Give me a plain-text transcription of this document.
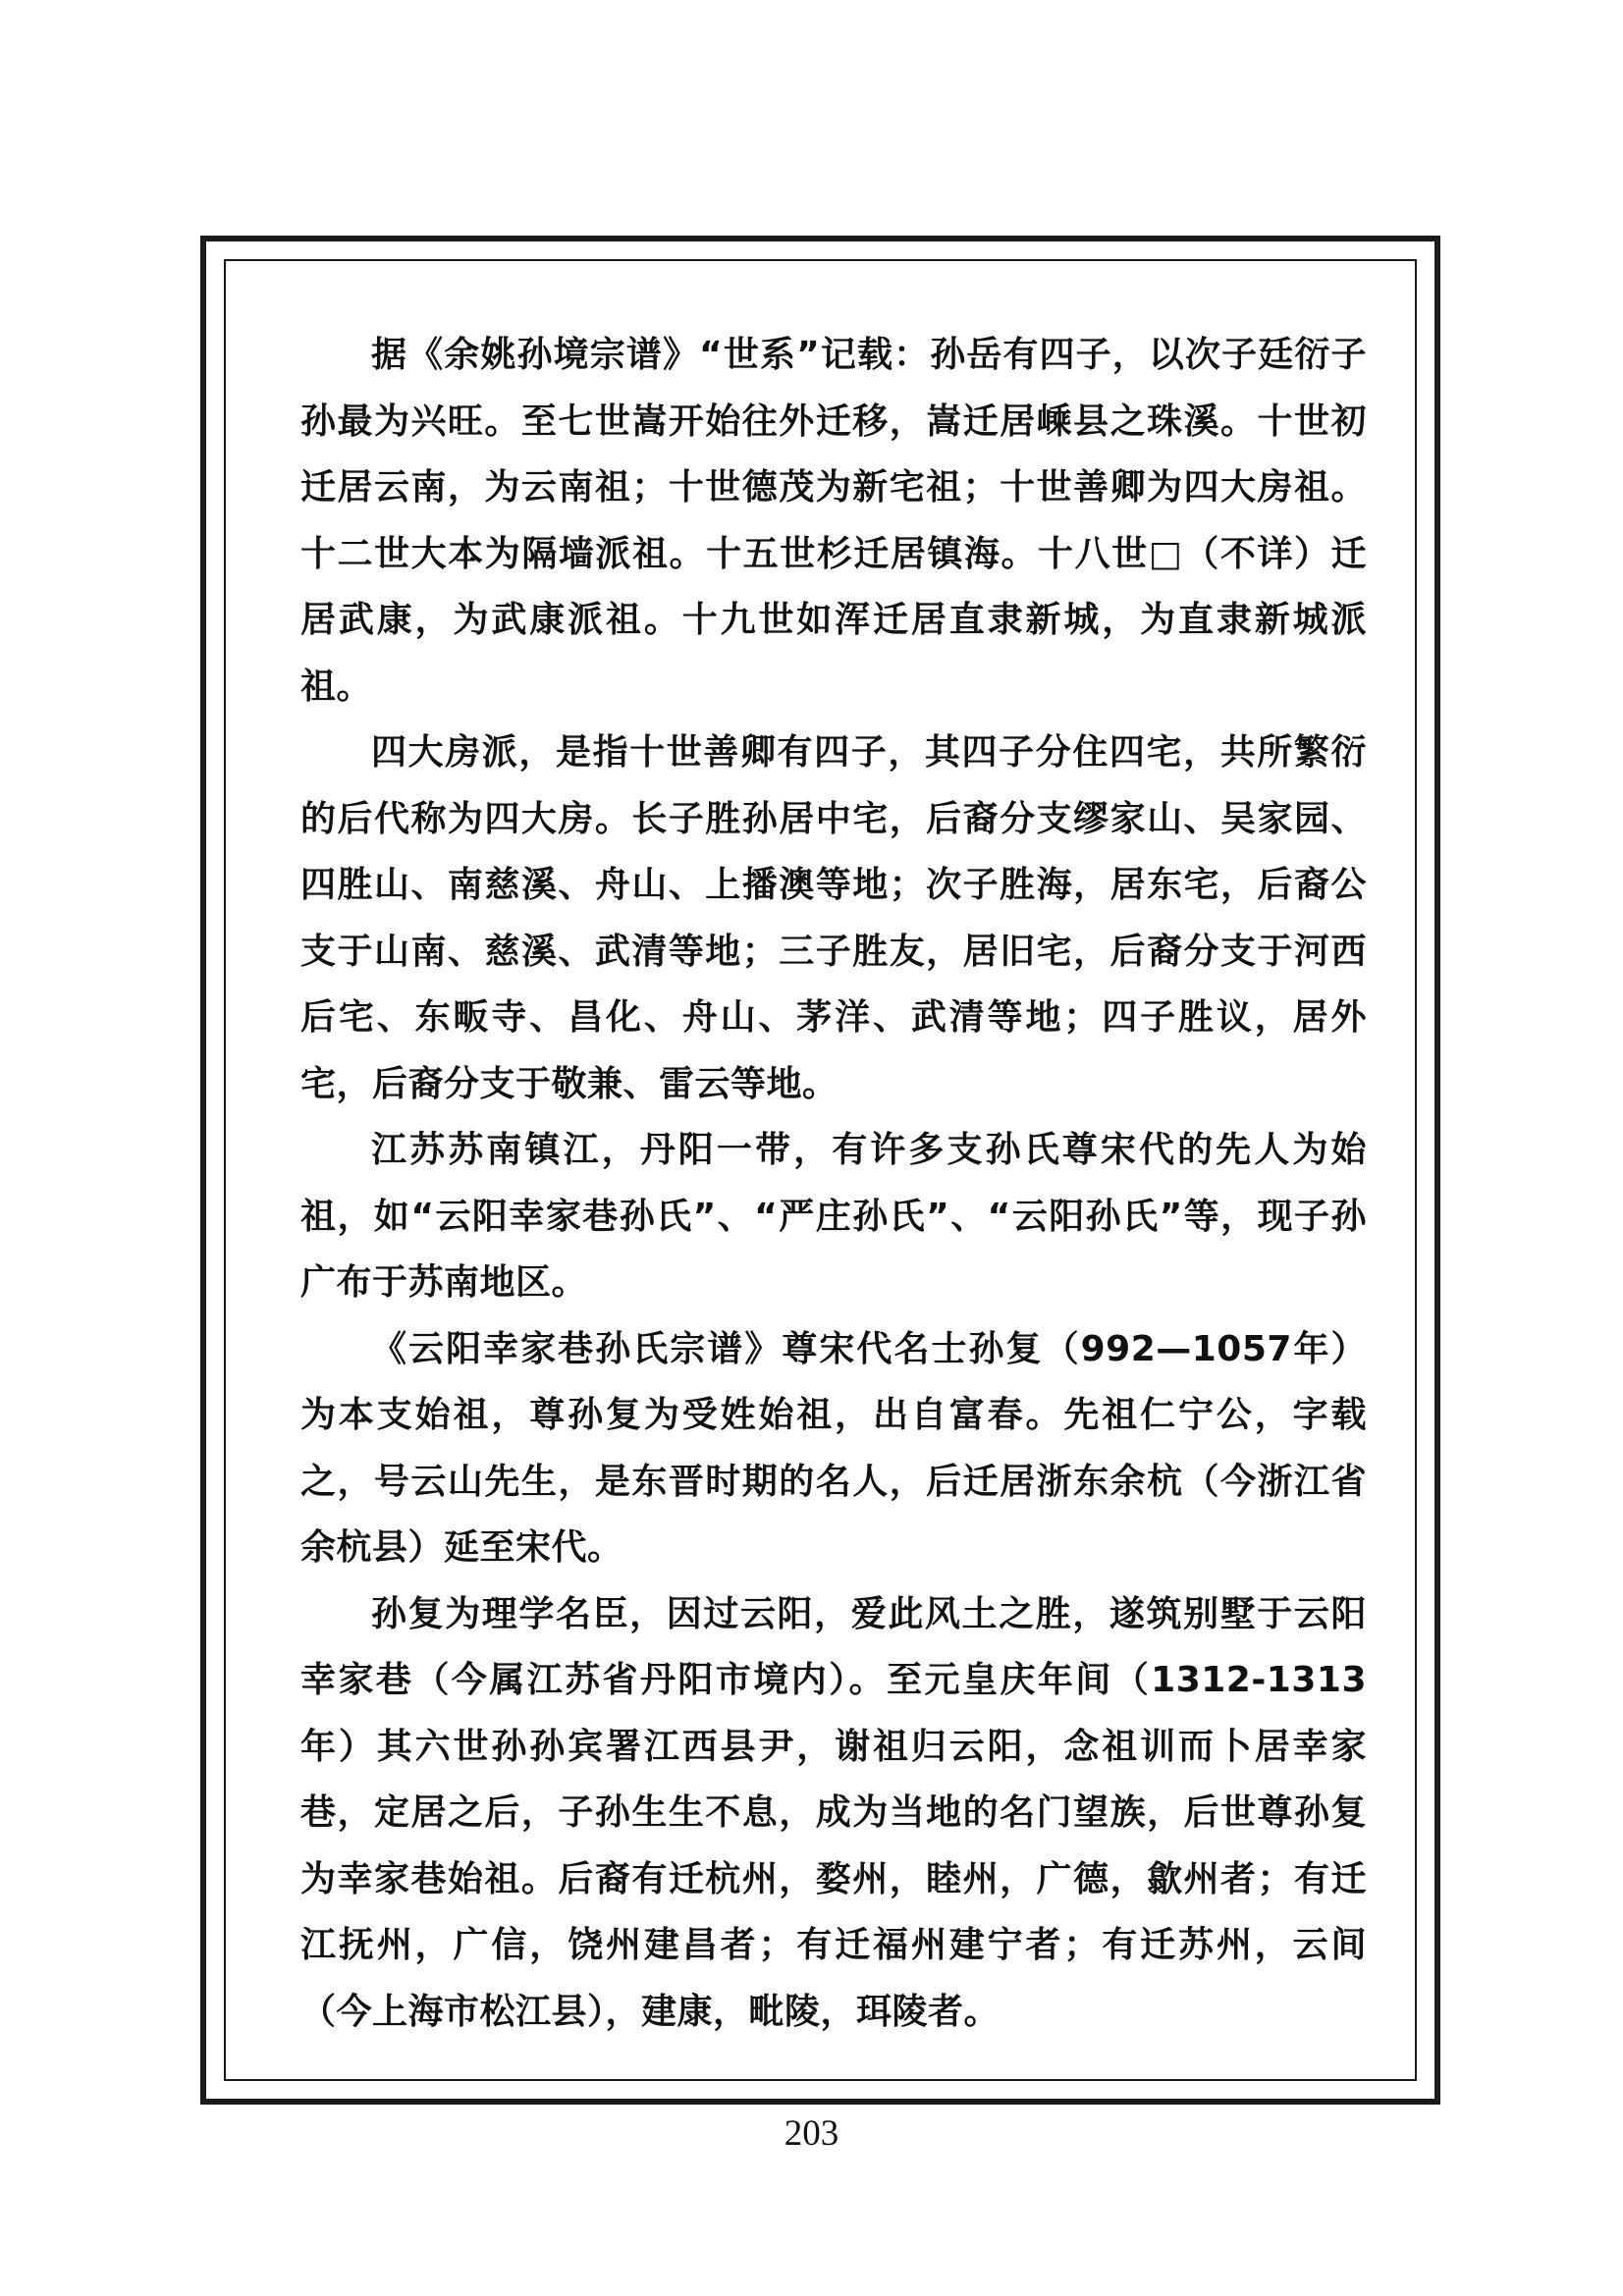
据《余姚孙境宗谱》“世系”记载：孙岳有四子，以次子廷衍子孙最为兴旺。至七世嵩开始往外迁移，嵩迁居嵊县之珠溪。十世初迁居云南，为云南祖；十世德茂为新宅祖；十世善卿为四大房祖。十二世大本为隔墙派祖。十五世杉迁居镇海。十八世□（不详）迁居武康，为武康派祖。十九世如浑迁居直隶新城，为直隶新城派祖。

四大房派，是指十世善卿有四子，其四子分住四宅，共所繁衍的后代称为四大房。长子胜孙居中宅，后裔分支缪家山、吴家园、四胜山、南慈溪、舟山、上播澳等地；次子胜海，居东宅，后裔公支于山南、慈溪、武清等地；三子胜友，居旧宅，后裔分支于河西后宅、东畈寺、昌化、舟山、茅洋、武清等地；四子胜议，居外宅，后裔分支于敬兼、雷云等地。

江苏苏南镇江，丹阳一带，有许多支孙氏尊宋代的先人为始祖，如“云阳幸家巷孙氏”、“严庄孙氏”、“云阳孙氏”等，现子孙广布于苏南地区。

《云阳幸家巷孙氏宗谱》尊宋代名士孙复（992—1057年）为本支始祖，尊孙复为受姓始祖，出自富春。先祖仁宁公，字载之，号云山先生，是东晋时期的名人，后迁居浙东余杭（今浙江省余杭县）延至宋代。

孙复为理学名臣，因过云阳，爱此风土之胜，遂筑别墅于云阳幸家巷（今属江苏省丹阳市境内）。至元皇庆年间（1312-1313年）其六世孙孙宾署江西县尹，谢祖归云阳，念祖训而卜居幸家巷，定居之后，子孙生生不息，成为当地的名门望族，后世尊孙复为幸家巷始祖。后裔有迁杭州，婺州，睦州，广德，歙州者；有迁江抚州，广信，饶州建昌者；有迁福州建宁者；有迁苏州，云间（今上海市松江县），建康，毗陵，珥陵者。

203
